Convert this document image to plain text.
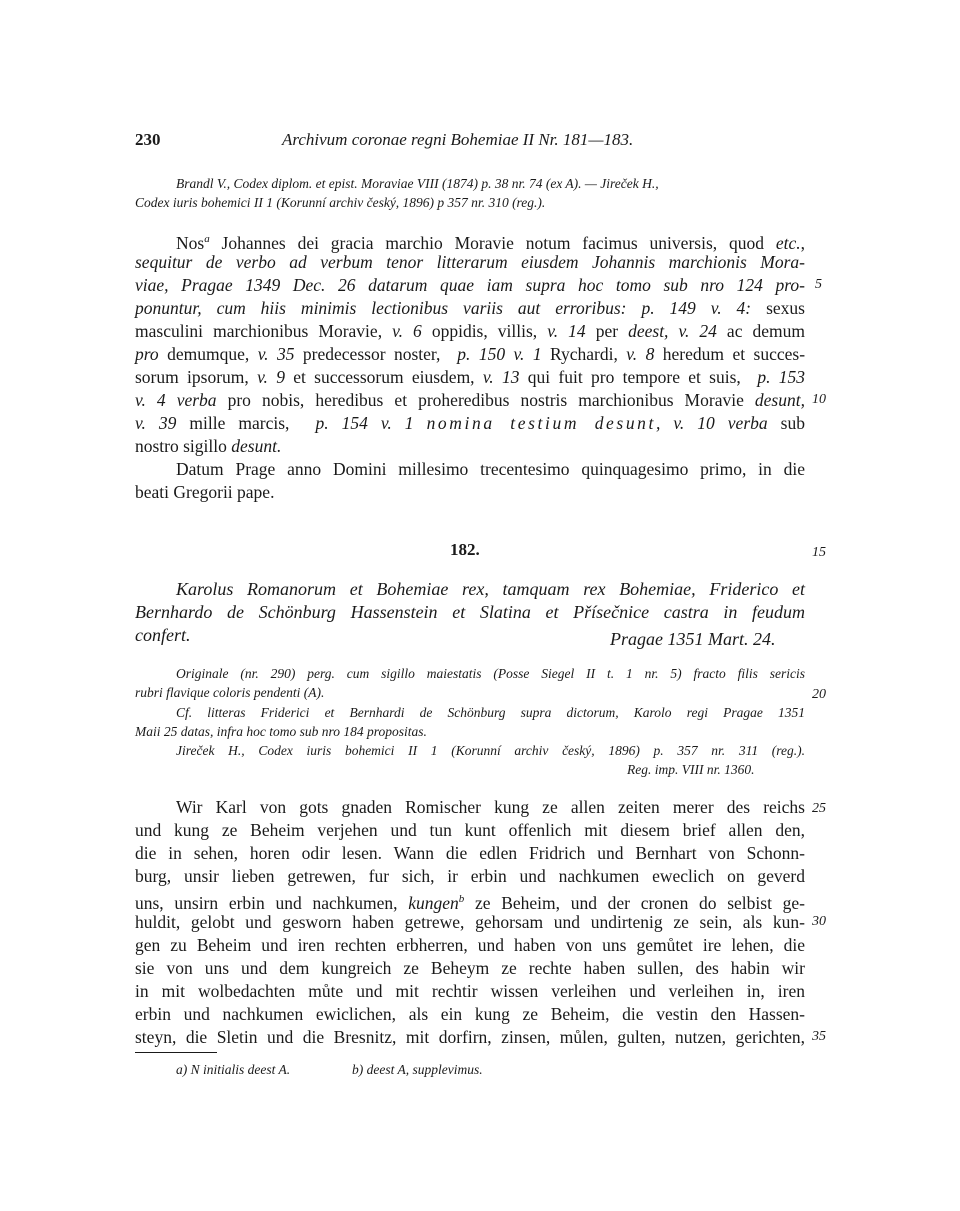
230	Archivum coronae regni Bohemiae II Nr. 181—183.
Brandl V., Codex diplom. et epist. Moraviae VIII (1874) p. 38 nr. 74 (ex A). — Jireček H.,
Codex iuris bohemici II 1 (Korunní archiv český, 1896) p 357 nr. 310 (reg.).
Nos$^a$ Johannes dei gracia marchio Moravie notum facimus universis, quod etc.,
sequitur de verbo ad verbum tenor litterarum eiusdem Johannis marchionis Mora-
viae, Pragae 1349 Dec. 26 datarum quae iam supra hoc tomo sub nro 124 pro-
ponuntur, cum hiis minimis lectionibus variis aut erroribus: p. 149 v. 4: sexus
masculini marchionibus Moravie, v. 6 oppidis, villis, v. 14 per deest, v. 24 ac demum
pro demumque, v. 35 predecessor noster,  p. 150 v. 1 Rychardi, v. 8 heredum et succes-
sorum ipsorum, v. 9 et successorum eiusdem, v. 13 qui fuit pro tempore et suis,  p. 153
v. 4 verba pro nobis, heredibus et proheredibus nostris marchionibus Moravie desunt,
v. 39 mille marcis,  p. 154 v. 1 nomina testium desunt, v. 10 verba sub
nostro sigillo desunt.
Datum Prage anno Domini millesimo trecentesimo quinquagesimo primo, in die
beati Gregorii pape.
182.
Karolus Romanorum et Bohemiae rex, tamquam rex Bohemiae, Friderico et
Bernhardo de Schönburg Hassenstein et Slatina et Přísečnice castra in feudum
confert.	Pragae 1351 Mart. 24.
Originale (nr. 290) perg. cum sigillo maiestatis (Posse Siegel II t. 1 nr. 5) fracto filis sericis
rubri flavique coloris pendenti (A).
Cf. litteras Friderici et Bernhardi de Schönburg supra dictorum, Karolo regi Pragae 1351
Maii 25 datas, infra hoc tomo sub nro 184 propositas.
Jireček H., Codex iuris bohemici II 1 (Korunní archiv český, 1896) p. 357 nr. 311 (reg.).
Reg. imp. VIII nr. 1360.
Wir Karl von gots gnaden Romischer kung ze allen zeiten merer des reichs
und kung ze Beheim verjehen und tun kunt offenlich mit diesem brief allen den,
die in sehen, horen odir lesen. Wann die edlen Fridrich und Bernhart von Schonn-
burg, unsir lieben getrewen, fur sich, ir erbin und nachkumen eweclich on geverd
uns, unsirn erbin und nachkumen, kungen$^b$ ze Beheim, und der cronen do selbist ge-
huldit, gelobt und gesworn haben getrewe, gehorsam und undirtenig ze sein, als kun-
gen zu Beheim und iren rechten erbherren, und haben von uns gemůtet ire lehen, die
sie von uns und dem kungreich ze Beheym ze rechte haben sullen, des habin wir
in mit wolbedachten můte und mit rechtir wissen verleihen und verleihen in, iren
erbin und nachkumen ewiclichen, als ein kung ze Beheim, die vestin den Hassen-
steyn, die Sletin und die Bresnitz, mit dorfirn, zinsen, můlen, gulten, nutzen, gerichten,
5
10
15
20
25
30
35
a) N initialis deest A.	b) deest A, supplevimus.
